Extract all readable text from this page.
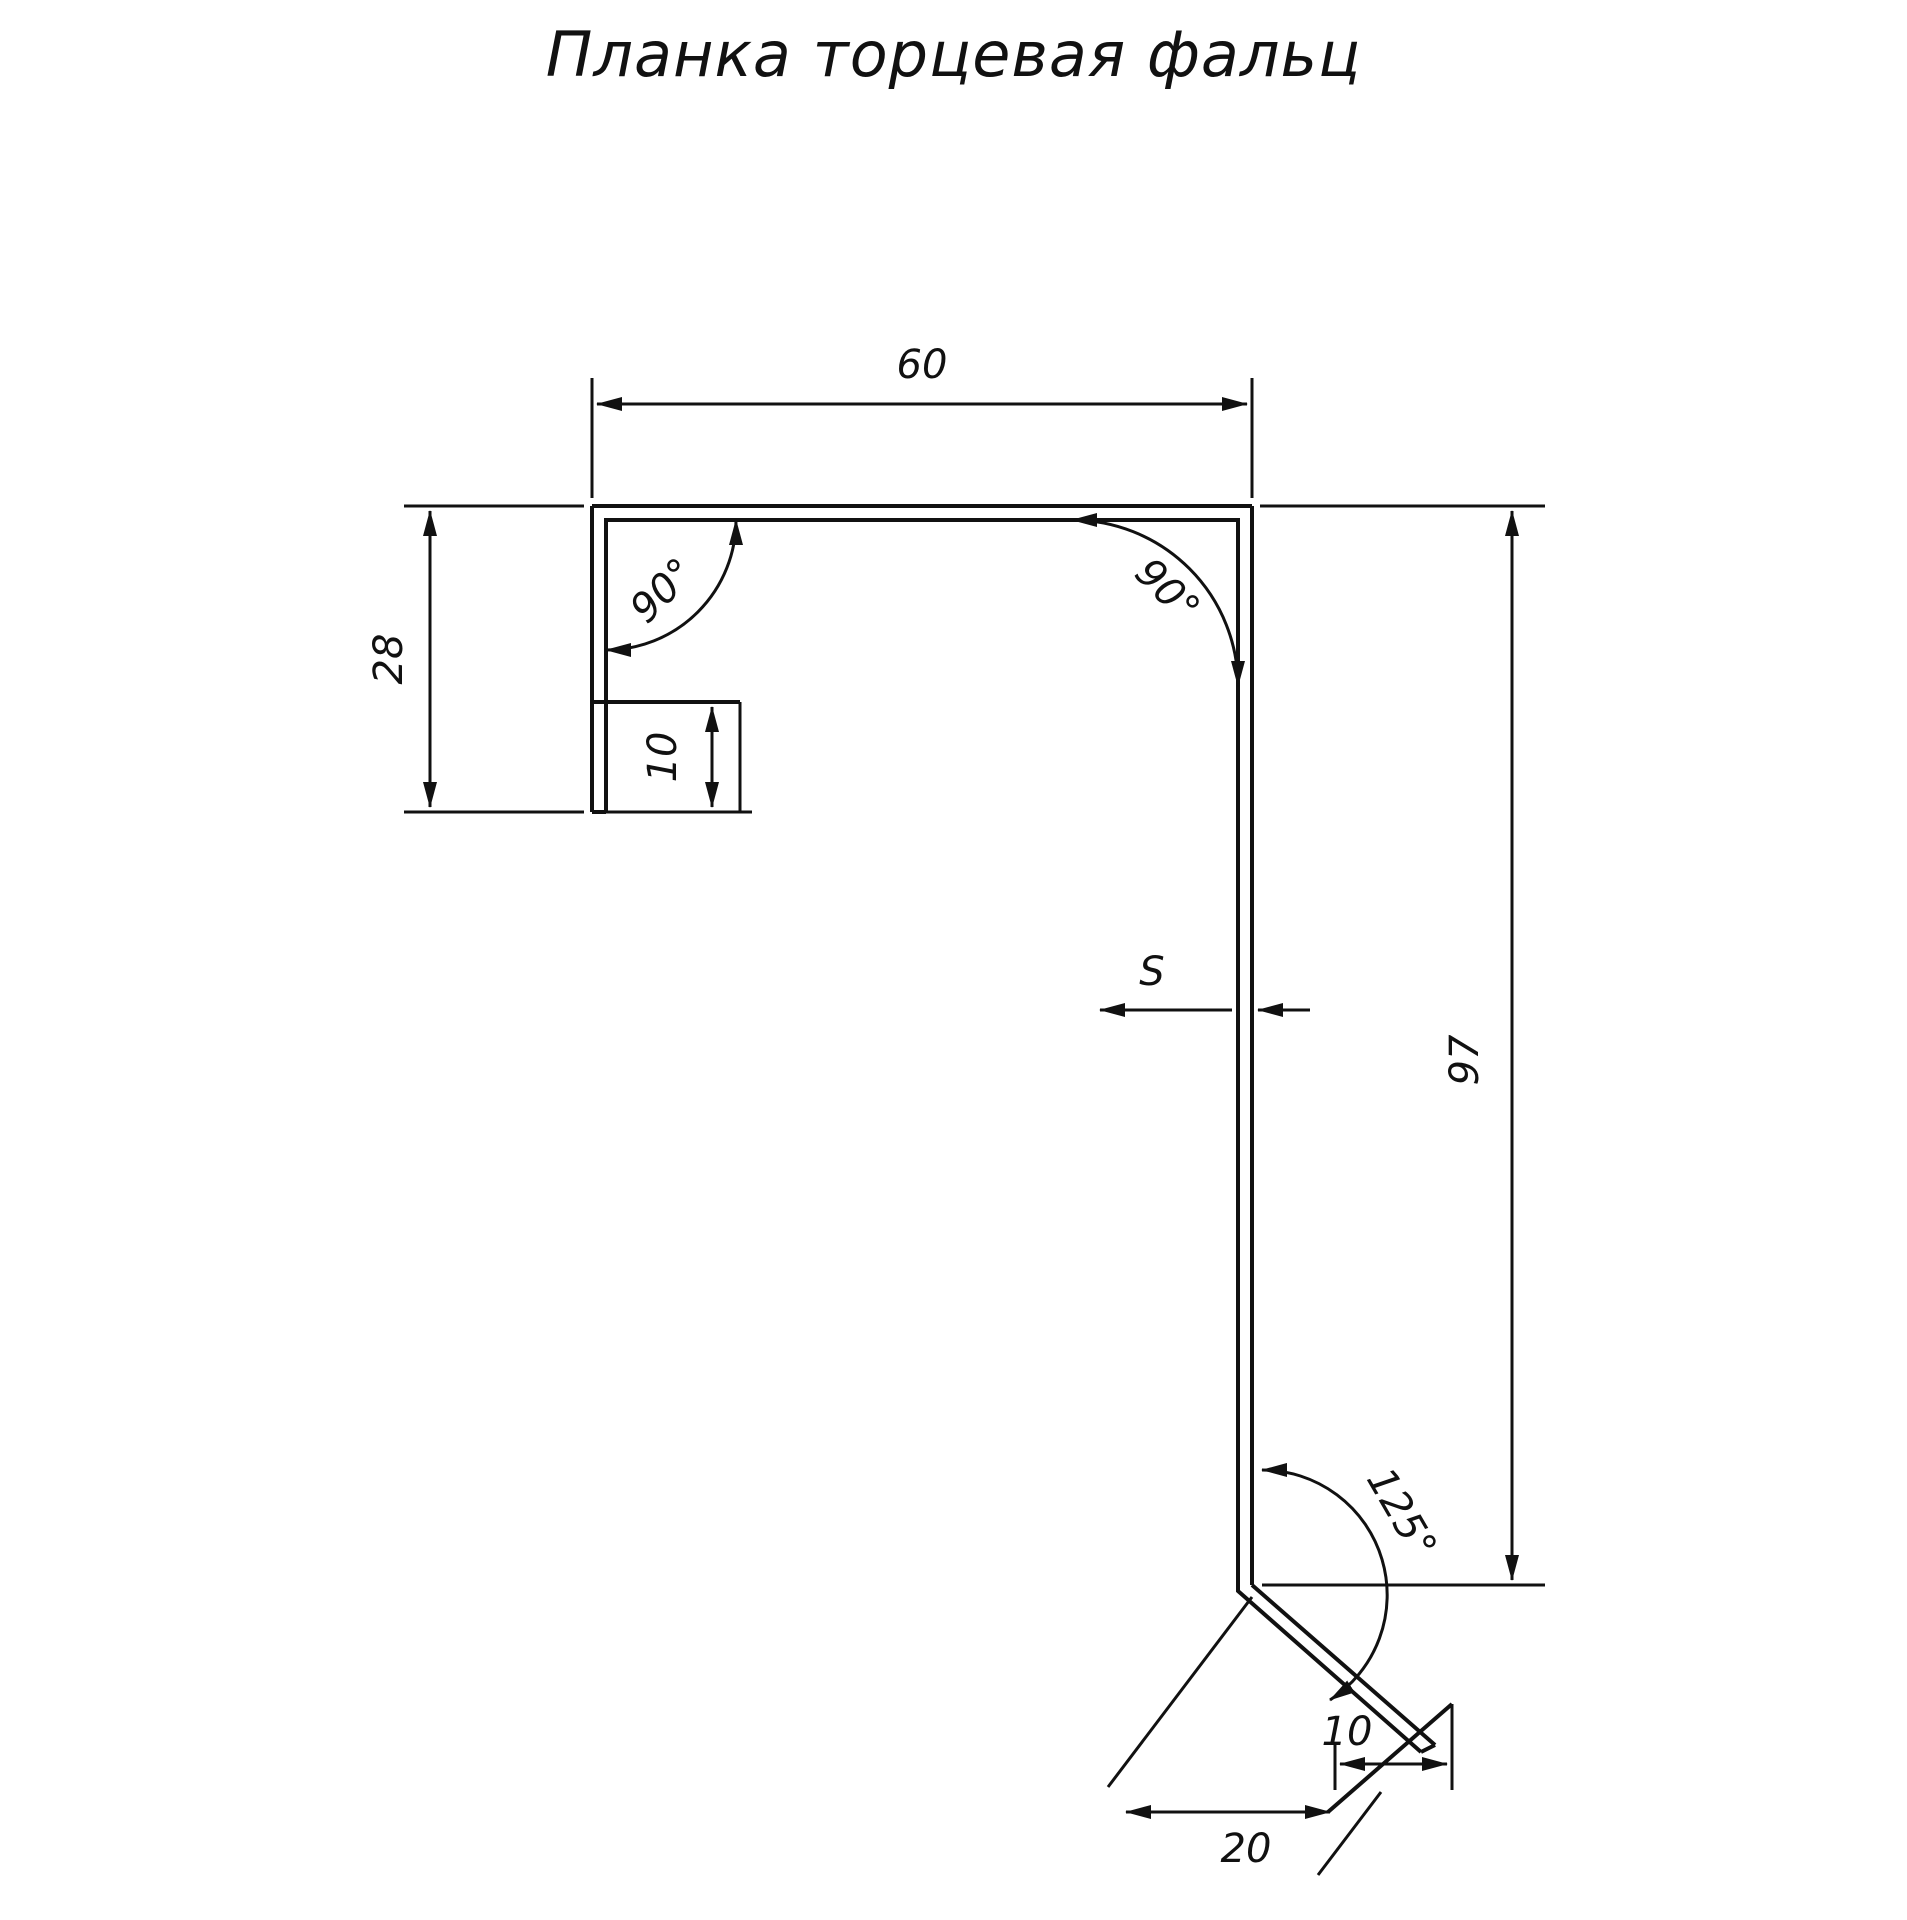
Планка торцевая фальц
60
28
10
S
97
90°	90°
125°
20
10
